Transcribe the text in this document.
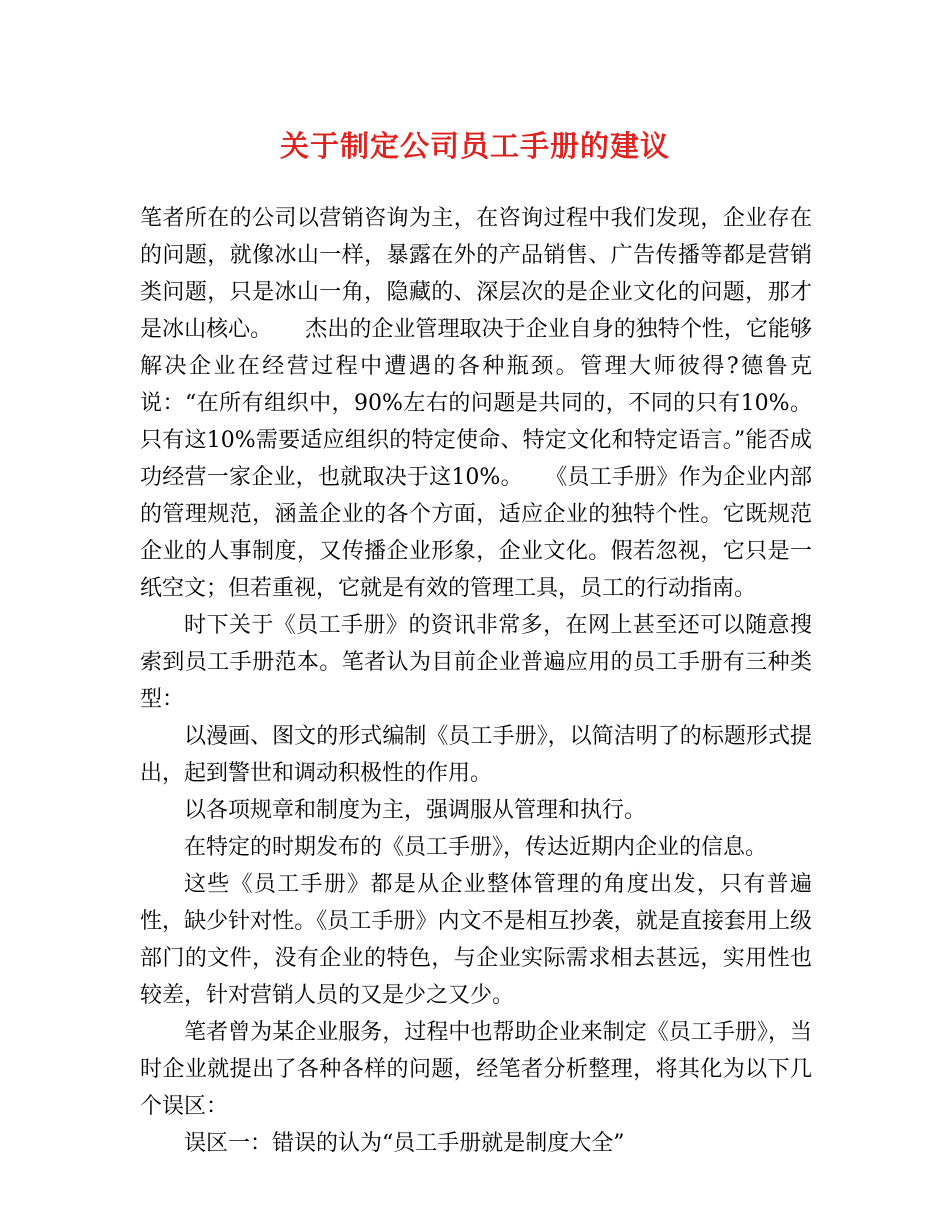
关于制定公司员工手册的建议

笔者所在的公司以营销咨询为主，在咨询过程中我们发现，企业存在的问题，就像冰山一样，暴露在外的产品销售、广告传播等都是营销类问题，只是冰山一角，隐藏的、深层次的是企业文化的问题，那才是冰山核心。　　杰出的企业管理取决于企业自身的独特个性，它能够解决企业在经营过程中遭遇的各种瓶颈。管理大师彼得?德鲁克说：“在所有组织中，90%左右的问题是共同的，不同的只有10%。只有这10%需要适应组织的特定使命、特定文化和特定语言。”能否成功经营一家企业，也就取决于这10%。　　《员工手册》作为企业内部的管理规范，涵盖企业的各个方面，适应企业的独特个性。它既规范企业的人事制度，又传播企业形象，企业文化。假若忽视，它只是一纸空文；但若重视，它就是有效的管理工具，员工的行动指南。

时下关于《员工手册》的资讯非常多，在网上甚至还可以随意搜索到员工手册范本。笔者认为目前企业普遍应用的员工手册有三种类型：

以漫画、图文的形式编制《员工手册》，以简洁明了的标题形式提出，起到警世和调动积极性的作用。

以各项规章和制度为主，强调服从管理和执行。

在特定的时期发布的《员工手册》，传达近期内企业的信息。

这些《员工手册》都是从企业整体管理的角度出发，只有普遍性，缺少针对性。《员工手册》内文不是相互抄袭，就是直接套用上级部门的文件，没有企业的特色，与企业实际需求相去甚远，实用性也较差，针对营销人员的又是少之又少。

笔者曾为某企业服务，过程中也帮助企业来制定《员工手册》，当时企业就提出了各种各样的问题，经笔者分析整理，将其化为以下几个误区：

误区一：错误的认为“员工手册就是制度大全”
